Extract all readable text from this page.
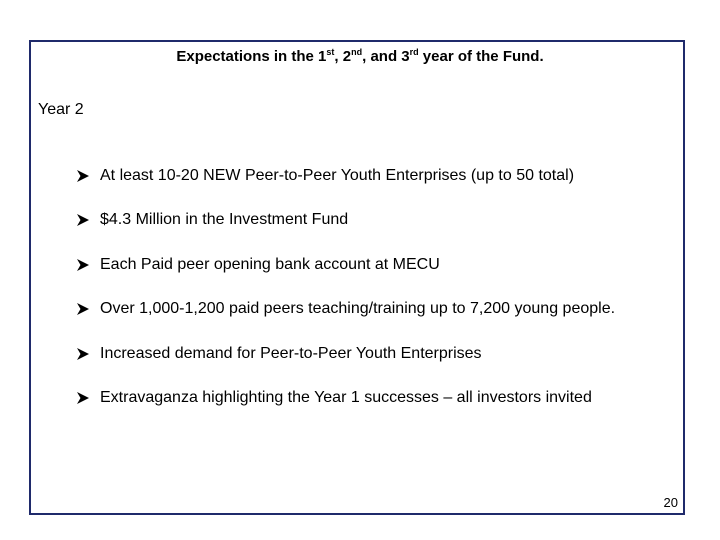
Expectations in the 1st, 2nd, and 3rd year of the Fund.
Year 2
At least 10-20 NEW Peer-to-Peer Youth Enterprises (up to 50 total)
$4.3 Million in the Investment Fund
Each Paid peer opening bank account at MECU
Over 1,000-1,200 paid peers teaching/training up to 7,200 young people.
Increased demand for Peer-to-Peer Youth Enterprises
Extravaganza highlighting the Year 1 successes – all investors invited
20
